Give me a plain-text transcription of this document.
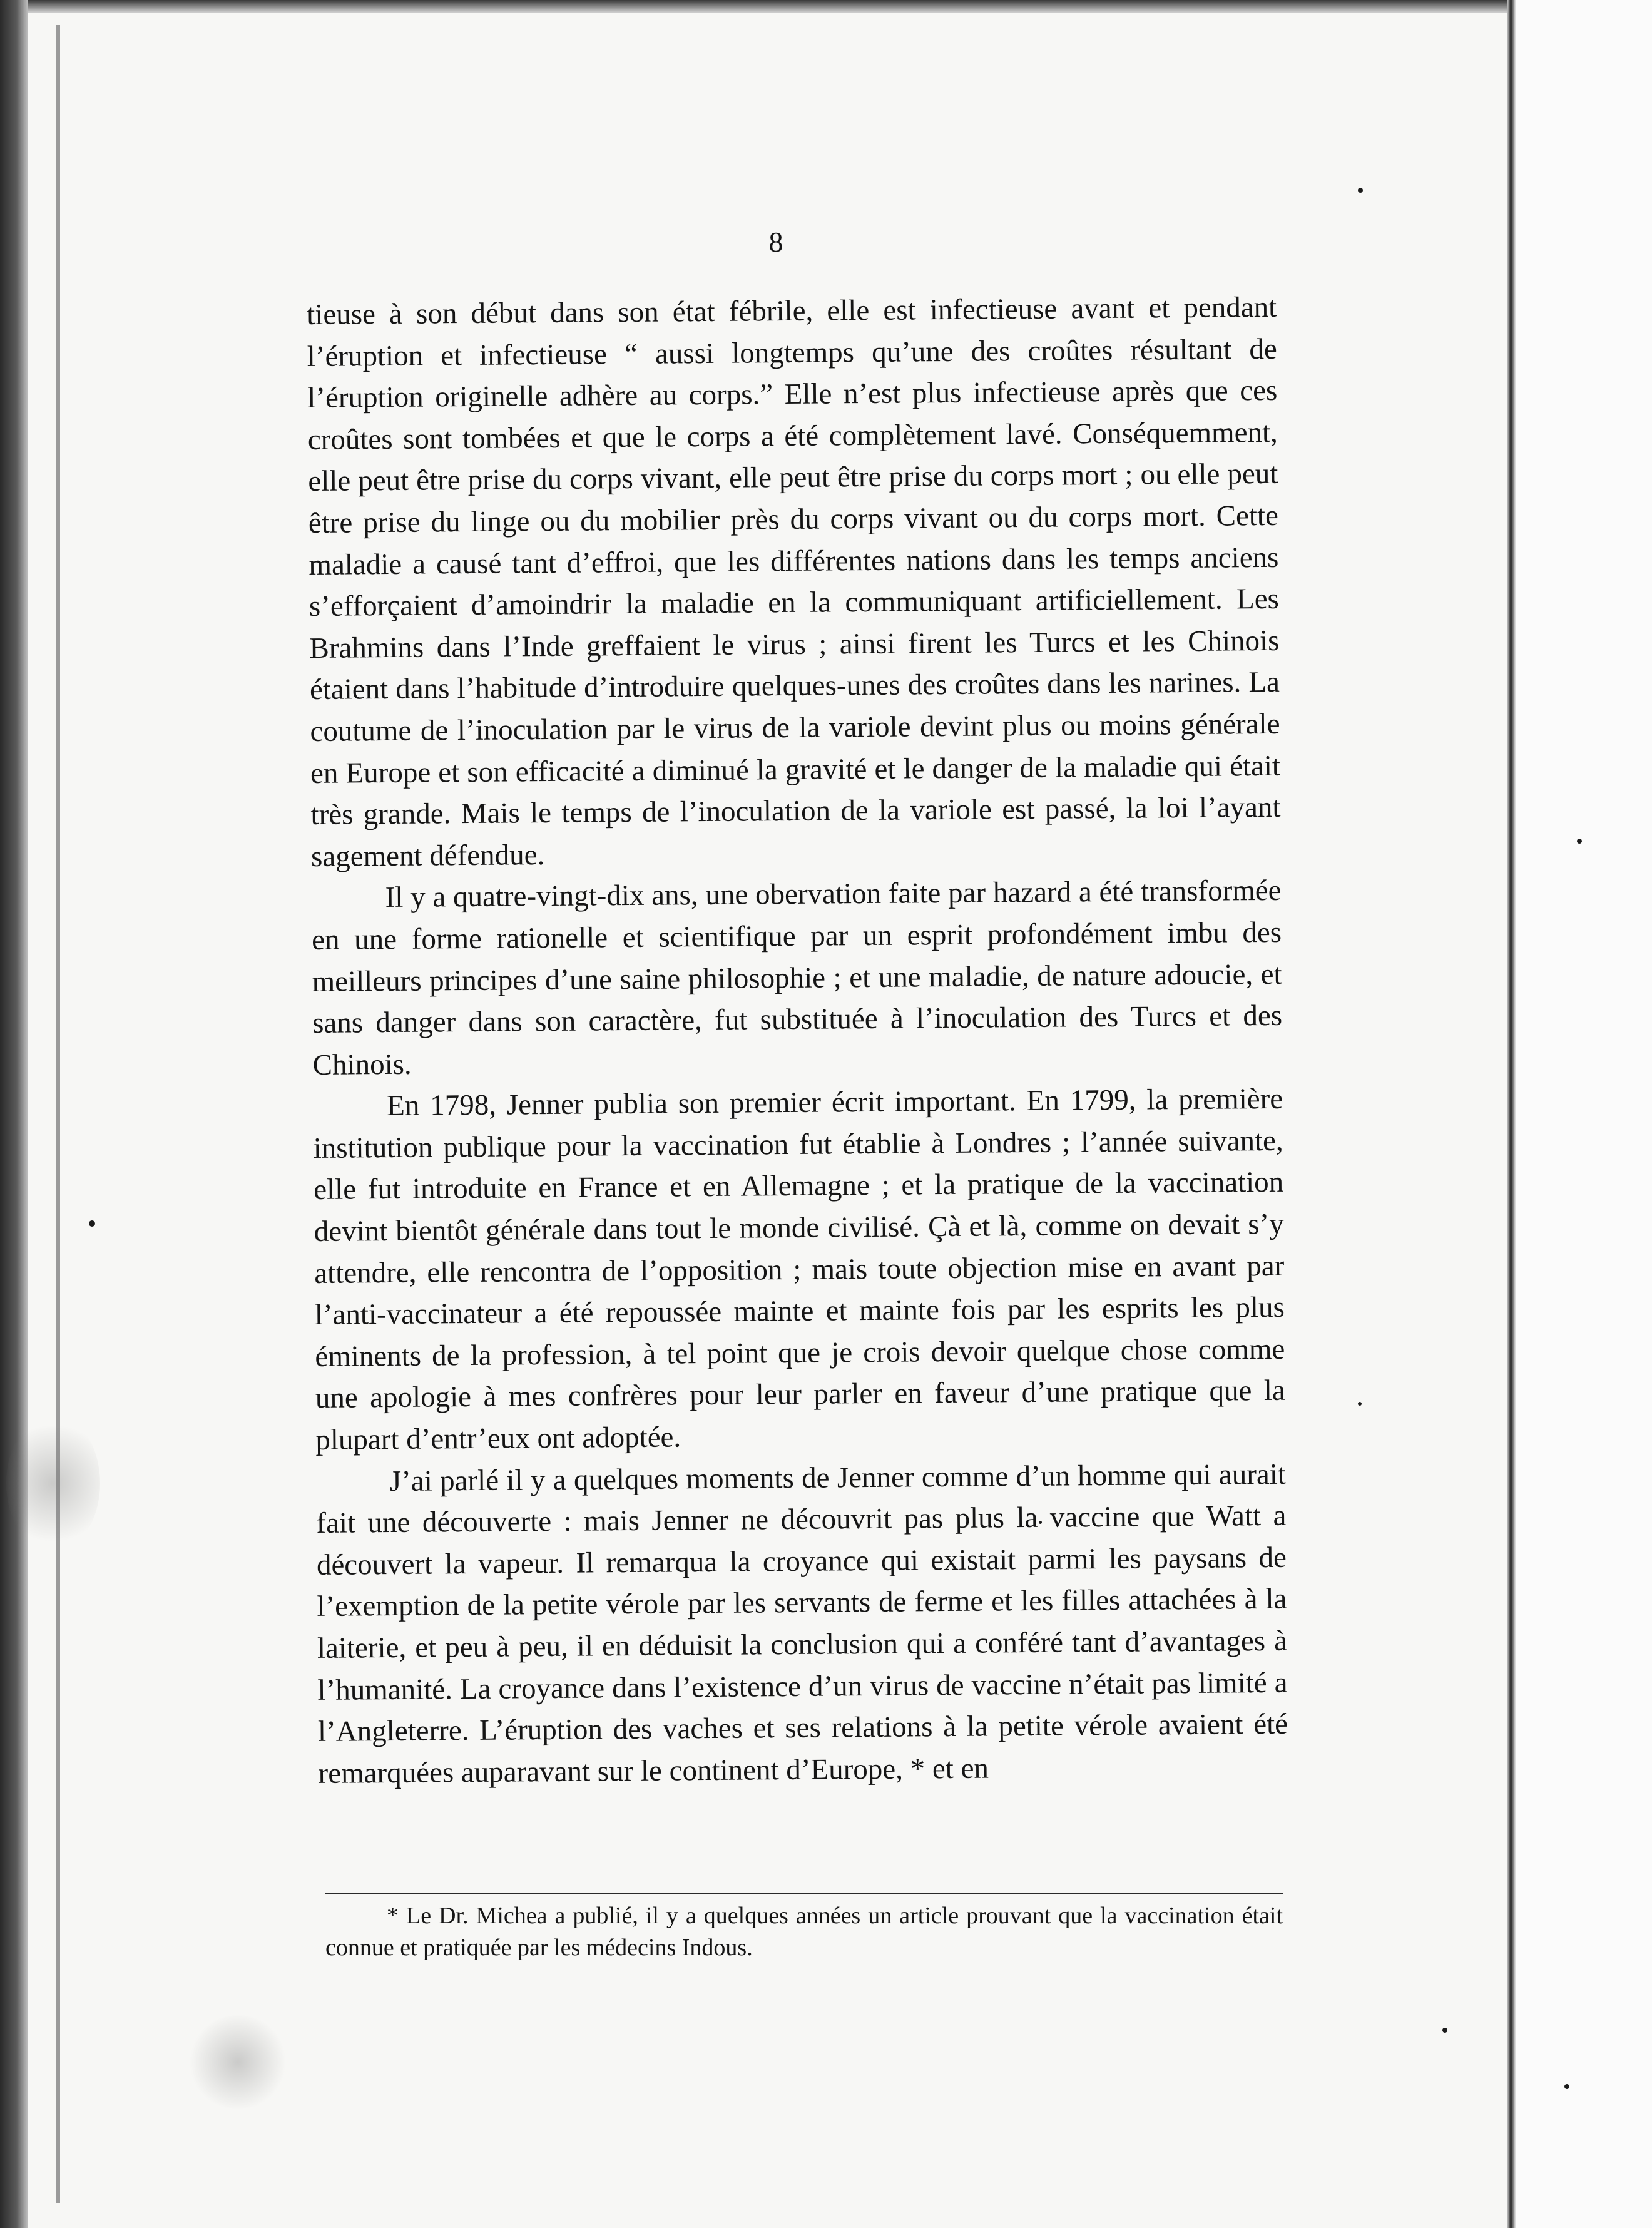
8

tieuse à son début dans son état fébrile, elle est infectieuse avant et pendant l’éruption et infectieuse “ aussi longtemps qu’une des croûtes résultant de l’éruption originelle adhère au corps.” Elle n’est plus infectieuse après que ces croûtes sont tombées et que le corps a été complètement lavé. Conséquemment, elle peut être prise du corps vivant, elle peut être prise du corps mort ; ou elle peut être prise du linge ou du mobilier près du corps vivant ou du corps mort. Cette maladie a causé tant d’effroi, que les différentes nations dans les temps anciens s’efforçaient d’amoindrir la maladie en la communiquant artificiellement. Les Brahmins dans l’Inde greffaient le virus ; ainsi firent les Turcs et les Chinois étaient dans l’habitude d’introduire quelques-unes des croûtes dans les narines. La coutume de l’inoculation par le virus de la variole devint plus ou moins générale en Europe et son efficacité a diminué la gravité et le danger de la maladie qui était très grande. Mais le temps de l’inoculation de la variole est passé, la loi l’ayant sagement défendue.

Il y a quatre-vingt-dix ans, une obervation faite par hazard a été transformée en une forme rationelle et scientifique par un esprit profondément imbu des meilleurs principes d’une saine philosophie ; et une maladie, de nature adoucie, et sans danger dans son caractère, fut substituée à l’inoculation des Turcs et des Chinois.

En 1798, Jenner publia son premier écrit important. En 1799, la première institution publique pour la vaccination fut établie à Londres ; l’année suivante, elle fut introduite en France et en Allemagne ; et la pratique de la vaccination devint bientôt générale dans tout le monde civilisé. Çà et là, comme on devait s’y attendre, elle rencontra de l’opposition ; mais toute objection mise en avant par l’anti-vaccinateur a été repoussée mainte et mainte fois par les esprits les plus éminents de la profession, à tel point que je crois devoir quelque chose comme une apologie à mes confrères pour leur parler en faveur d’une pratique que la plupart d’entr’eux ont adoptée.

J’ai parlé il y a quelques moments de Jenner comme d’un homme qui aurait fait une découverte : mais Jenner ne découvrit pas plus la vaccine que Watt a découvert la vapeur. Il remarqua la croyance qui existait parmi les paysans de l’exemption de la petite vérole par les servants de ferme et les filles attachées à la laiterie, et peu à peu, il en déduisit la conclusion qui a conféré tant d’avantages à l’humanité. La croyance dans l’existence d’un virus de vaccine n’était pas limité a l’Angleterre. L’éruption des vaches et ses relations à la petite vérole avaient été remarquées auparavant sur le continent d’Europe, * et en

* Le Dr. Michea a publié, il y a quelques années un article prouvant que la vaccination était connue et pratiquée par les médecins Indous.
